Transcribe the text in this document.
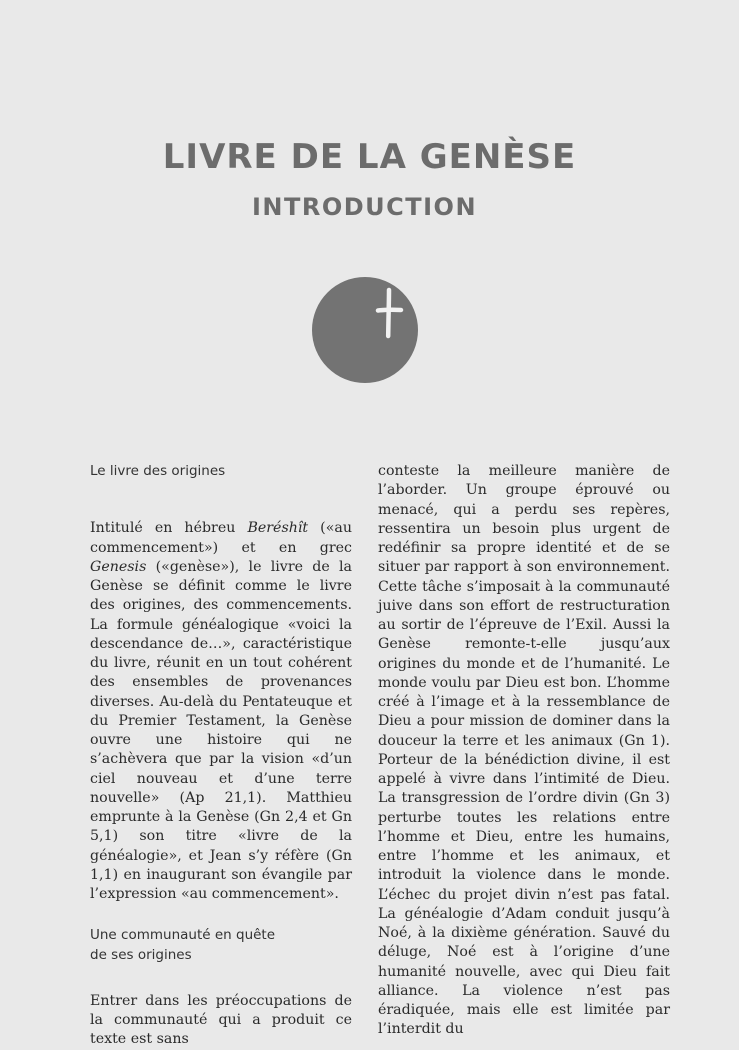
LIVRE DE LA GENÈSE
INTRODUCTION

Le livre des origines

Intitulé en hébreu Beréshît («au commencement») et en grec Genesis («genèse»), le livre de la Genèse se définit comme le livre des origines, des commencements. La formule généalogique «voici la descendance de…», caractéristique du livre, réunit en un tout cohérent des ensembles de provenances diverses. Au-delà du Pentateuque et du Premier Testament, la Genèse ouvre une histoire qui ne s’achèvera que par la vision «d’un ciel nouveau et d’une terre nouvelle» (Ap 21,1). Matthieu emprunte à la Genèse (Gn 2,4 et Gn 5,1) son titre «livre de la généalogie», et Jean s’y réfère (Gn 1,1) en inaugurant son évangile par l’expression «au commencement».

Une communauté en quête
de ses origines

Entrer dans les préoccupations de la communauté qui a produit ce texte est sans

conteste la meilleure manière de l’aborder. Un groupe éprouvé ou menacé, qui a perdu ses repères, ressentira un besoin plus urgent de redéfinir sa propre identité et de se situer par rapport à son environnement. Cette tâche s’imposait à la communauté juive dans son effort de restructuration au sortir de l’épreuve de l’Exil. Aussi la Genèse remonte-t-elle jusqu’aux origines du monde et de l’humanité. Le monde voulu par Dieu est bon. L’homme créé à l’image et à la ressemblance de Dieu a pour mission de dominer dans la douceur la terre et les animaux (Gn 1). Porteur de la bénédiction divine, il est appelé à vivre dans l’intimité de Dieu. La transgression de l’ordre divin (Gn 3) perturbe toutes les relations entre l’homme et Dieu, entre les humains, entre l’homme et les animaux, et introduit la violence dans le monde. L’échec du projet divin n’est pas fatal. La généalogie d’Adam conduit jusqu’à Noé, à la dixième génération. Sauvé du déluge, Noé est à l’origine d’une humanité nouvelle, avec qui Dieu fait alliance. La violence n’est pas éradiquée, mais elle est limitée par l’interdit du
